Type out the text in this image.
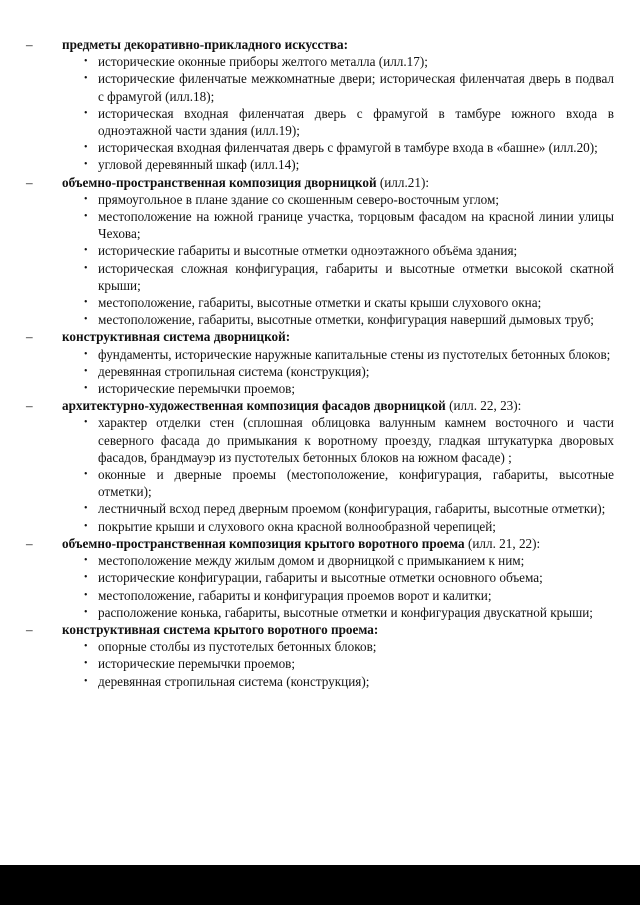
–	предметы декоративно-прикладного искусства:
• исторические оконные приборы желтого металла (илл.17);
• исторические филенчатые межкомнатные двери; историческая филенчатая дверь в подвал с фрамугой (илл.18);
• историческая входная филенчатая дверь с фрамугой в тамбуре южного входа в одноэтажной части здания (илл.19);
• историческая входная филенчатая дверь с фрамугой в тамбуре входа в «башне» (илл.20);
• угловой деревянный шкаф (илл.14);
–	объемно-пространственная композиция дворницкой (илл.21):
• прямоугольное в плане здание со скошенным северо-восточным углом;
• местоположение на южной границе участка, торцовым фасадом на красной линии улицы Чехова;
• исторические габариты и высотные отметки одноэтажного объёма здания;
• историческая сложная конфигурация, габариты и высотные отметки высокой скатной крыши;
• местоположение, габариты, высотные отметки и скаты крыши слухового окна;
• местоположение, габариты, высотные отметки, конфигурация наверший дымовых труб;
–	конструктивная система дворницкой:
• фундаменты, исторические наружные капитальные стены из пустотелых бетонных блоков;
• деревянная стропильная система (конструкция);
• исторические перемычки проемов;
–	архитектурно-художественная композиция фасадов дворницкой (илл. 22, 23):
• характер отделки стен (сплошная облицовка валунным камнем восточного и части северного фасада до примыкания к воротному проезду, гладкая штукатурка дворовых фасадов, брандмауэр из пустотелых бетонных блоков на южном фасаде) ;
• оконные и дверные проемы (местоположение, конфигурация, габариты, высотные отметки);
• лестничный всход перед дверным проемом (конфигурация, габариты, высотные отметки);
• покрытие крыши и слухового окна красной волнообразной черепицей;
–	объемно-пространственная композиция крытого воротного проема (илл. 21, 22):
• местоположение между жилым домом и дворницкой с примыканием к ним;
• исторические конфигурации, габариты и высотные отметки основного объема;
• местоположение, габариты и конфигурация проемов ворот и калитки;
• расположение конька, габариты, высотные отметки и конфигурация двускатной крыши;
–	конструктивная система крытого воротного проема:
• опорные столбы из пустотелых бетонных блоков;
• исторические перемычки проемов;
• деревянная стропильная система (конструкция);
